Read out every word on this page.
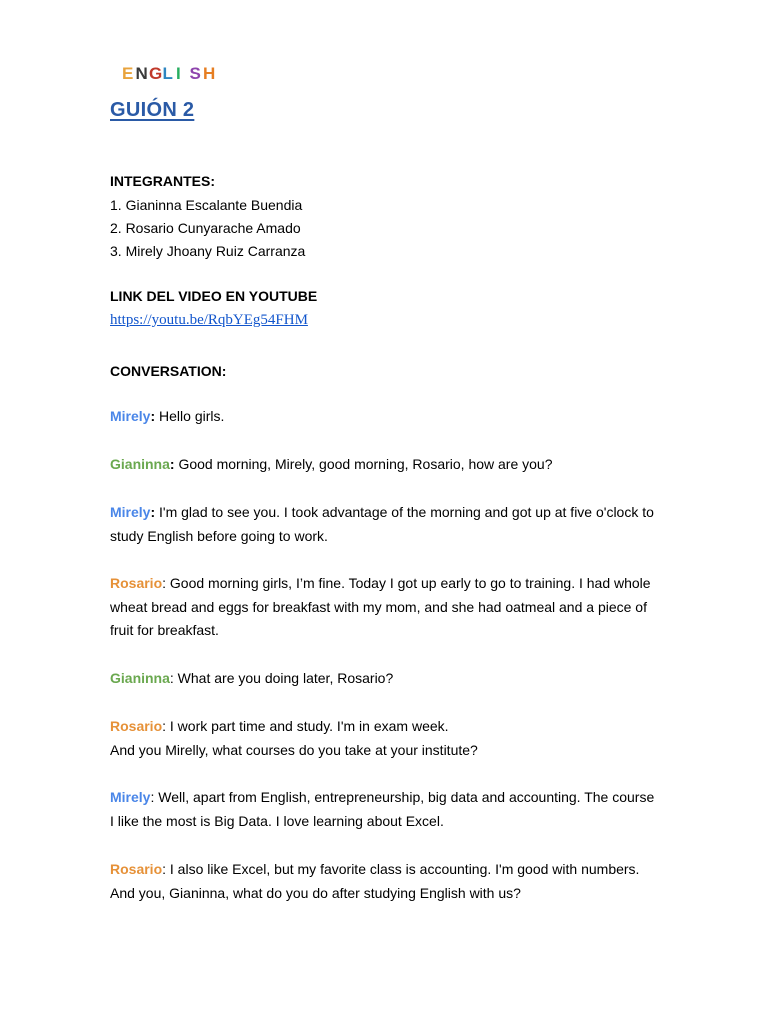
E N G L I S H
GUIÓN 2
INTEGRANTES:
1. Gianinna Escalante Buendia
2. Rosario Cunyarache Amado
3. Mirely Jhoany Ruiz Carranza
LINK DEL VIDEO EN YOUTUBE
https://youtu.be/RqbYEg54FHM
CONVERSATION:
Mirely: Hello girls.
Gianinna: Good morning, Mirely, good morning, Rosario, how are you?
Mirely: I'm glad to see you. I took advantage of the morning and got up at five o'clock to study English before going to work.
Rosario: Good morning girls, I’m fine. Today I got up early to go to training. I had whole wheat bread and eggs for breakfast with my mom, and she had oatmeal and a piece of fruit for breakfast.
Gianinna: What are you doing later, Rosario?
Rosario: I work part time and study. I'm in exam week.
And you Mirelly, what courses do you take at your institute?
Mirely: Well, apart from English, entrepreneurship, big data and accounting. The course I like the most is Big Data. I love learning about Excel.
Rosario: I also like Excel, but my favorite class is accounting. I'm good with numbers. And you, Gianinna, what do you do after studying English with us?
